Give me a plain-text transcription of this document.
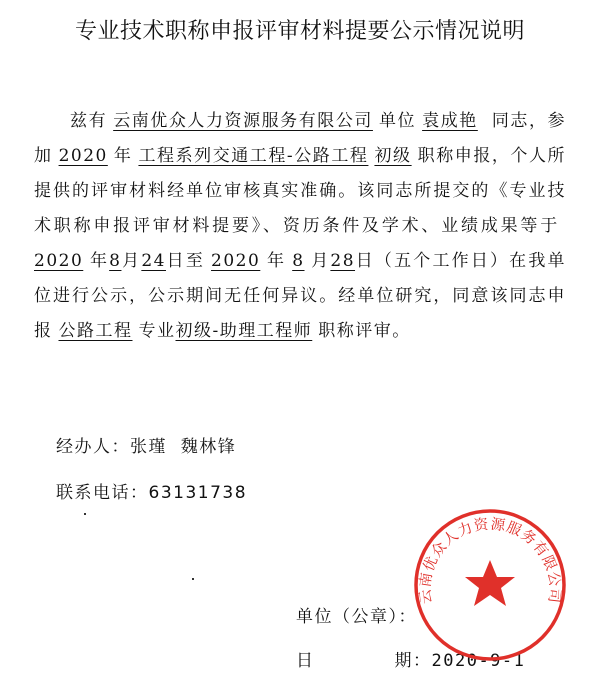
专业技术职称申报评审材料提要公示情况说明
兹有 云南优众人力资源服务有限公司 单位 袁成艳 同志，参加 2020 年 工程系列交通工程-公路工程 初级 职称申报，个人所提供的评审材料经单位审核真实准确。该同志所提交的《专业技术职称申报评审材料提要》、资历条件及学术、业绩成果等于2020 年8月24日至 2020 年 8 月28日（五个工作日）在我单位进行公示，公示期间无任何异议。经单位研究，同意该同志申报 公路工程 专业初级-助理工程师 职称评审。
经办人：张瑾  魏林锋
联系电话：63131738
单位（公章）：
日	期：2020-9-1
云南优众人力资源服务有限公司
